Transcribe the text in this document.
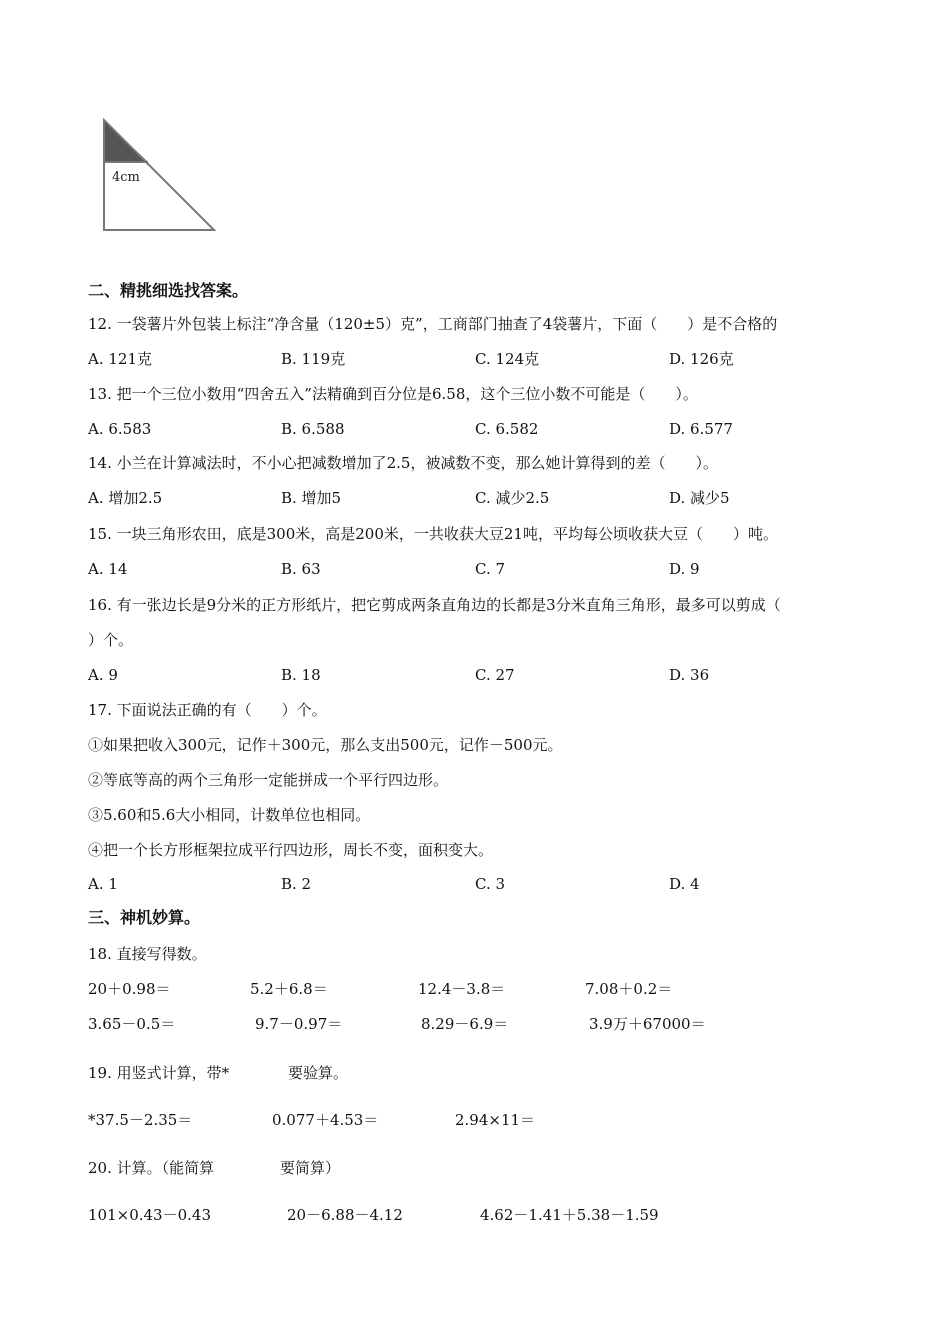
4cm
二、精挑细选找答案。
12. 一袋薯片外包装上标注“净含量（120±5）克”，工商部门抽查了4袋薯片，下面（　　）是不合格的
A. 121克	B. 119克	C. 124克	D. 126克
13. 把一个三位小数用“四舍五入”法精确到百分位是6.58，这个三位小数不可能是（　　）。
A. 6.583	B. 6.588	C. 6.582	D. 6.577
14. 小兰在计算减法时，不小心把减数增加了2.5，被减数不变，那么她计算得到的差（　　）。
A. 增加2.5	B. 增加5	C. 减少2.5	D. 减少5
15. 一块三角形农田，底是300米，高是200米，一共收获大豆21吨，平均每公顷收获大豆（　　）吨。
A. 14	B. 63	C. 7	D. 9
16. 有一张边长是9分米的正方形纸片，把它剪成两条直角边的长都是3分米直角三角形，最多可以剪成（
）个。
A. 9	B. 18	C. 27	D. 36
17. 下面说法正确的有（　　）个。
①如果把收入300元，记作＋300元，那么支出500元，记作－500元。
②等底等高的两个三角形一定能拼成一个平行四边形。
③5.60和5.6大小相同，计数单位也相同。
④把一个长方形框架拉成平行四边形，周长不变，面积变大。
A. 1	B. 2	C. 3	D. 4
三、神机妙算。
18. 直接写得数。
20＋0.98＝	5.2＋6.8＝	12.4－3.8＝	7.08＋0.2＝
3.65－0.5＝	9.7－0.97＝	8.29－6.9＝	3.9万＋67000＝
19. 用竖式计算，带*	要验算。
*37.5－2.35＝	0.077＋4.53＝	2.94×11＝
20. 计算。（能简算	要简算）
101×0.43－0.43	20－6.88－4.12	4.62－1.41＋5.38－1.59
